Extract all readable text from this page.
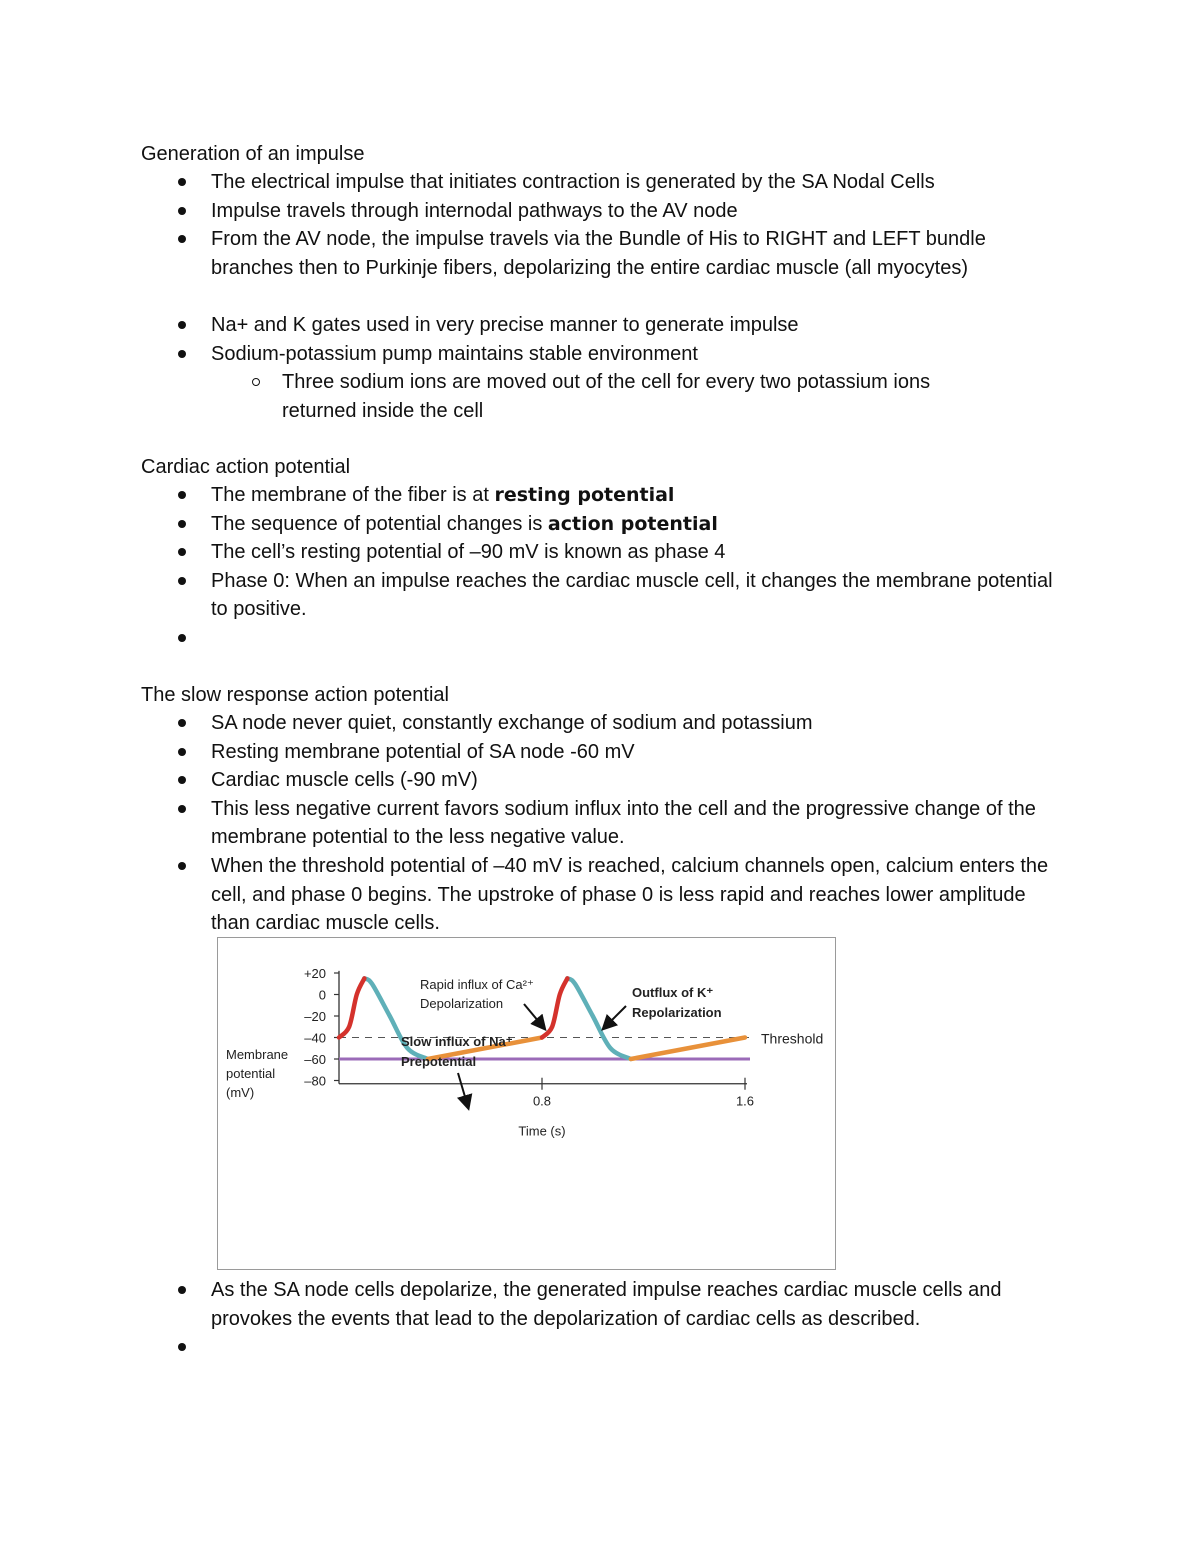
Generation of an impulse
The electrical impulse that initiates contraction is generated by the SA Nodal Cells
Impulse travels through internodal pathways to the AV node
From the AV node, the impulse travels via the Bundle of His to RIGHT and LEFT bundle branches then to Purkinje fibers, depolarizing the entire cardiac muscle (all myocytes)
Na+ and K gates used in very precise manner to generate impulse
Sodium-potassium pump maintains stable environment
Three sodium ions are moved out of the cell for every two potassium ions returned inside the cell
Cardiac action potential
The membrane of the fiber is at resting potential
The sequence of potential changes is action potential
The cell’s resting potential of –90 mV is known as phase 4
Phase 0: When an impulse reaches the cardiac muscle cell, it changes the membrane potential to positive.
The slow response action potential
SA node never quiet, constantly exchange of sodium and potassium
Resting membrane potential of SA node -60 mV
Cardiac muscle cells (-90 mV)
This less negative current favors sodium influx into the cell and the progressive change of the membrane potential to the less negative value.
When the threshold potential of –40 mV is reached, calcium channels open, calcium enters the cell, and phase 0 begins. The upstroke of phase 0 is less rapid and reaches lower amplitude than cardiac muscle cells.
+20
0
–20
–40
–60
–80
0.8	1.6
Time (s)
Membrane
potential
(mV)
Threshold
Rapid influx of Ca²⁺
Depolarization
Outflux of K⁺
Repolarization
Slow influx of Na⁺
Prepotential
As the SA node cells depolarize, the generated impulse reaches cardiac muscle cells and provokes the events that lead to the depolarization of cardiac cells as described.
